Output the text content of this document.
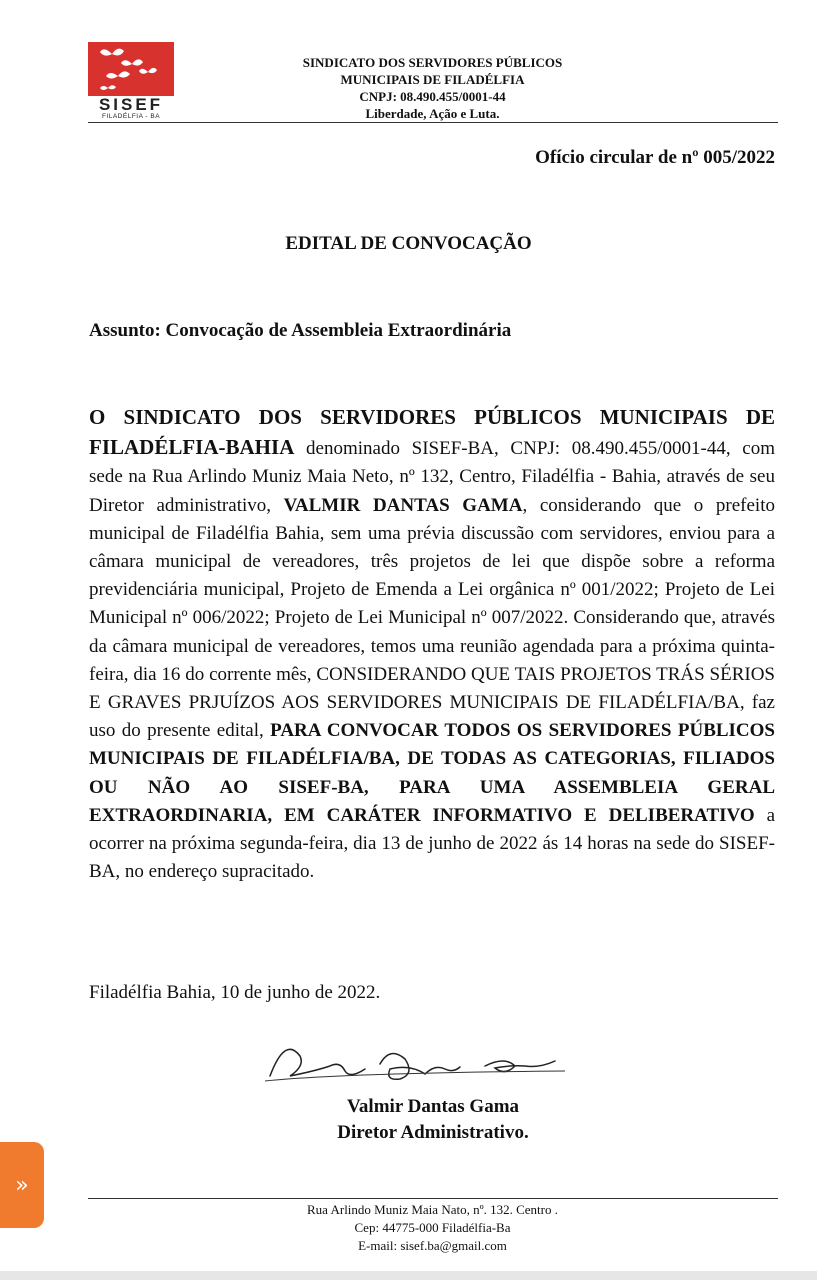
SISEF
FILADÉLFIA - BA
SINDICATO DOS SERVIDORES PÚBLICOS
MUNICIPAIS DE FILADÉLFIA
CNPJ: 08.490.455/0001-44
Liberdade, Ação e Luta.
Ofício circular de nº 005/2022
EDITAL DE CONVOCAÇÃO
Assunto: Convocação de Assembleia Extraordinária
O SINDICATO DOS SERVIDORES PÚBLICOS MUNICIPAIS DE FILADÉLFIA-BAHIA denominado SISEF-BA, CNPJ: 08.490.455/0001-44, com sede na Rua Arlindo Muniz Maia Neto, nº 132, Centro, Filadélfia - Bahia, através de seu Diretor administrativo, VALMIR DANTAS GAMA, considerando que o prefeito municipal de Filadélfia Bahia, sem uma prévia discussão com servidores, enviou para a câmara municipal de vereadores, três projetos de lei que dispõe sobre a reforma previdenciária municipal, Projeto de Emenda a Lei orgânica nº 001/2022; Projeto de Lei Municipal nº 006/2022; Projeto de Lei Municipal nº 007/2022. Considerando que, através da câmara municipal de vereadores, temos uma reunião agendada para a próxima quinta-feira, dia 16 do corrente mês, CONSIDERANDO QUE TAIS PROJETOS TRÁS SÉRIOS E GRAVES PRJUÍZOS AOS SERVIDORES MUNICIPAIS DE FILADÉLFIA/BA, faz uso do presente edital, PARA CONVOCAR TODOS OS SERVIDORES PÚBLICOS MUNICIPAIS DE FILADÉLFIA/BA, DE TODAS AS CATEGORIAS, FILIADOS OU NÃO AO SISEF-BA, PARA UMA ASSEMBLEIA GERAL EXTRAORDINARIA, EM CARÁTER INFORMATIVO E DELIBERATIVO a ocorrer na próxima segunda-feira, dia 13 de junho de 2022 ás 14 horas na sede do SISEF-BA, no endereço supracitado.
Filadélfia Bahia, 10 de junho de 2022.
Valmir Dantas Gama
Diretor Administrativo.
»
Rua Arlindo Muniz Maia Nato, nº. 132. Centro .
Cep: 44775-000 Filadélfia-Ba
E-mail: sisef.ba@gmail.com
